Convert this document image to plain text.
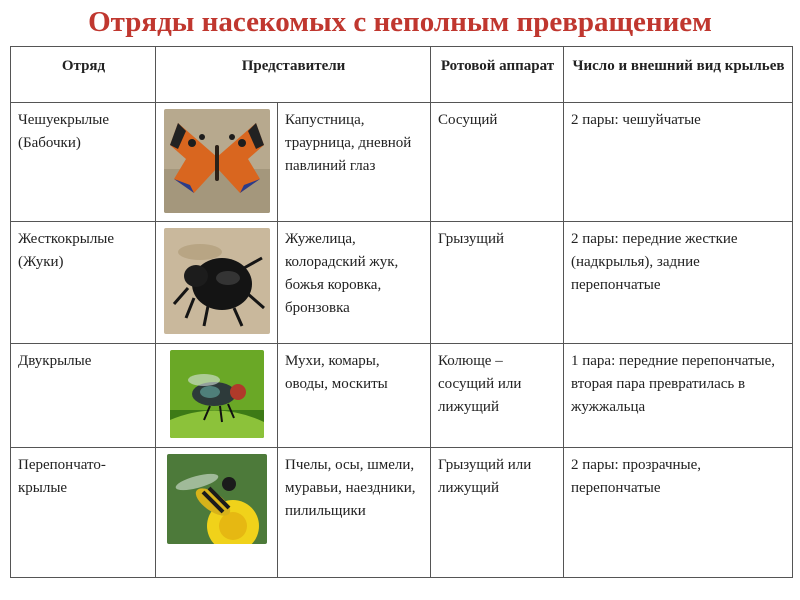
Отряды насекомых с неполным превращением
Отряд	Представители		Ротовой аппарат	Число и внешний вид крыльев
Чешуекрылые (Бабочки)		Капустница, траурница, дневной павлиний глаз	Сосущий	2 пары: чешуйчатые
Жесткокрылые (Жуки)		Жужелица, колорадский жук, божья коровка, бронзовка	Грызущий	2 пары: передние жесткие (надкрылья), задние перепончатые
Двукрылые		Мухи, комары, оводы, москиты	Колюще – сосущий или лижущий	1 пара: передние перепончатые, вторая пара превратилась в жужжальца
Перепончато-крылые		Пчелы, осы, шмели, муравьи, наездники, пилильщики	Грызущий или лижущий	2 пары: прозрачные, перепончатые
